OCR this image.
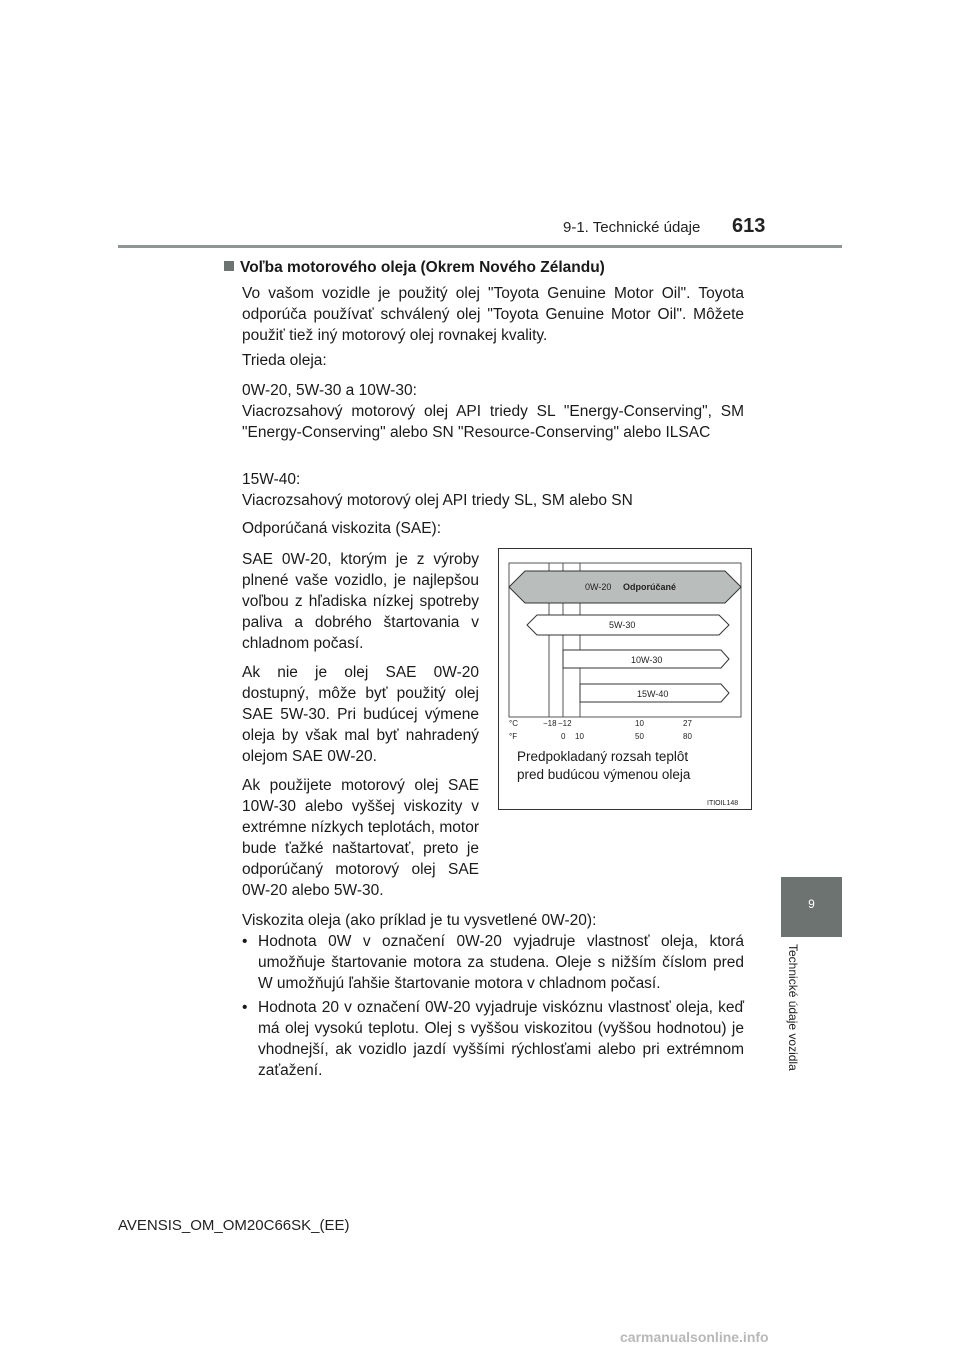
9-1. Technické údaje 613
9
Technické údaje vozidla
Voľba motorového oleja (Okrem Nového Zélandu)

Vo vašom vozidle je použitý olej "Toyota Genuine Motor Oil". Toyota odporúča používať schválený olej "Toyota Genuine Motor Oil". Môžete použiť tiež iný motorový olej rovnakej kvality.

Trieda oleja:

0W-20, 5W-30 a 10W-30:

Viacrozsahový motorový olej API triedy SL "Energy-Conserving", SM "Energy-Conserving" alebo SN "Resource-Conserving" alebo ILSAC

15W-40:

Viacrozsahový motorový olej API triedy SL, SM alebo SN

Odporúčaná viskozita (SAE):

SAE 0W-20, ktorým je z výroby plnené vaše vozidlo, je najlepšou voľbou z hľadiska nízkej spotreby paliva a dobrého štartovania v chladnom počasí.

Ak nie je olej SAE 0W-20 dostupný, môže byť použitý olej SAE 5W-30. Pri budúcej výmene oleja by však mal byť nahradený olejom SAE 0W-20.

Ak použijete motorový olej SAE 10W-30 alebo vyššej viskozity v extrémne nízkych teplotách, motor bude ťažké naštartovať, preto je odporúčaný motorový olej SAE 0W-20 alebo 5W-30.

0W-20 Odporúčané
5W-30
10W-30
15W-40
°C
°F
−18 −12	10	27
0 10	50	80
Predpokladaný rozsah teplôt
pred budúcou výmenou oleja
ITIOIL148

Viskozita oleja (ako príklad je tu vysvetlené 0W-20):

• Hodnota 0W v označení 0W-20 vyjadruje vlastnosť oleja, ktorá umožňuje štartovanie motora za studena. Oleje s nižším číslom pred W umožňujú ľahšie štartovanie motora v chladnom počasí.
• Hodnota 20 v označení 0W-20 vyjadruje viskóznu vlastnosť oleja, keď má olej vysokú teplotu. Olej s vyššou viskozitou (vyššou hodnotou) je vhodnejší, ak vozidlo jazdí vyššími rýchlosťami alebo pri extrémnom zaťažení.
AVENSIS_OM_OM20C66SK_(EE)
carmanualsonline.info
